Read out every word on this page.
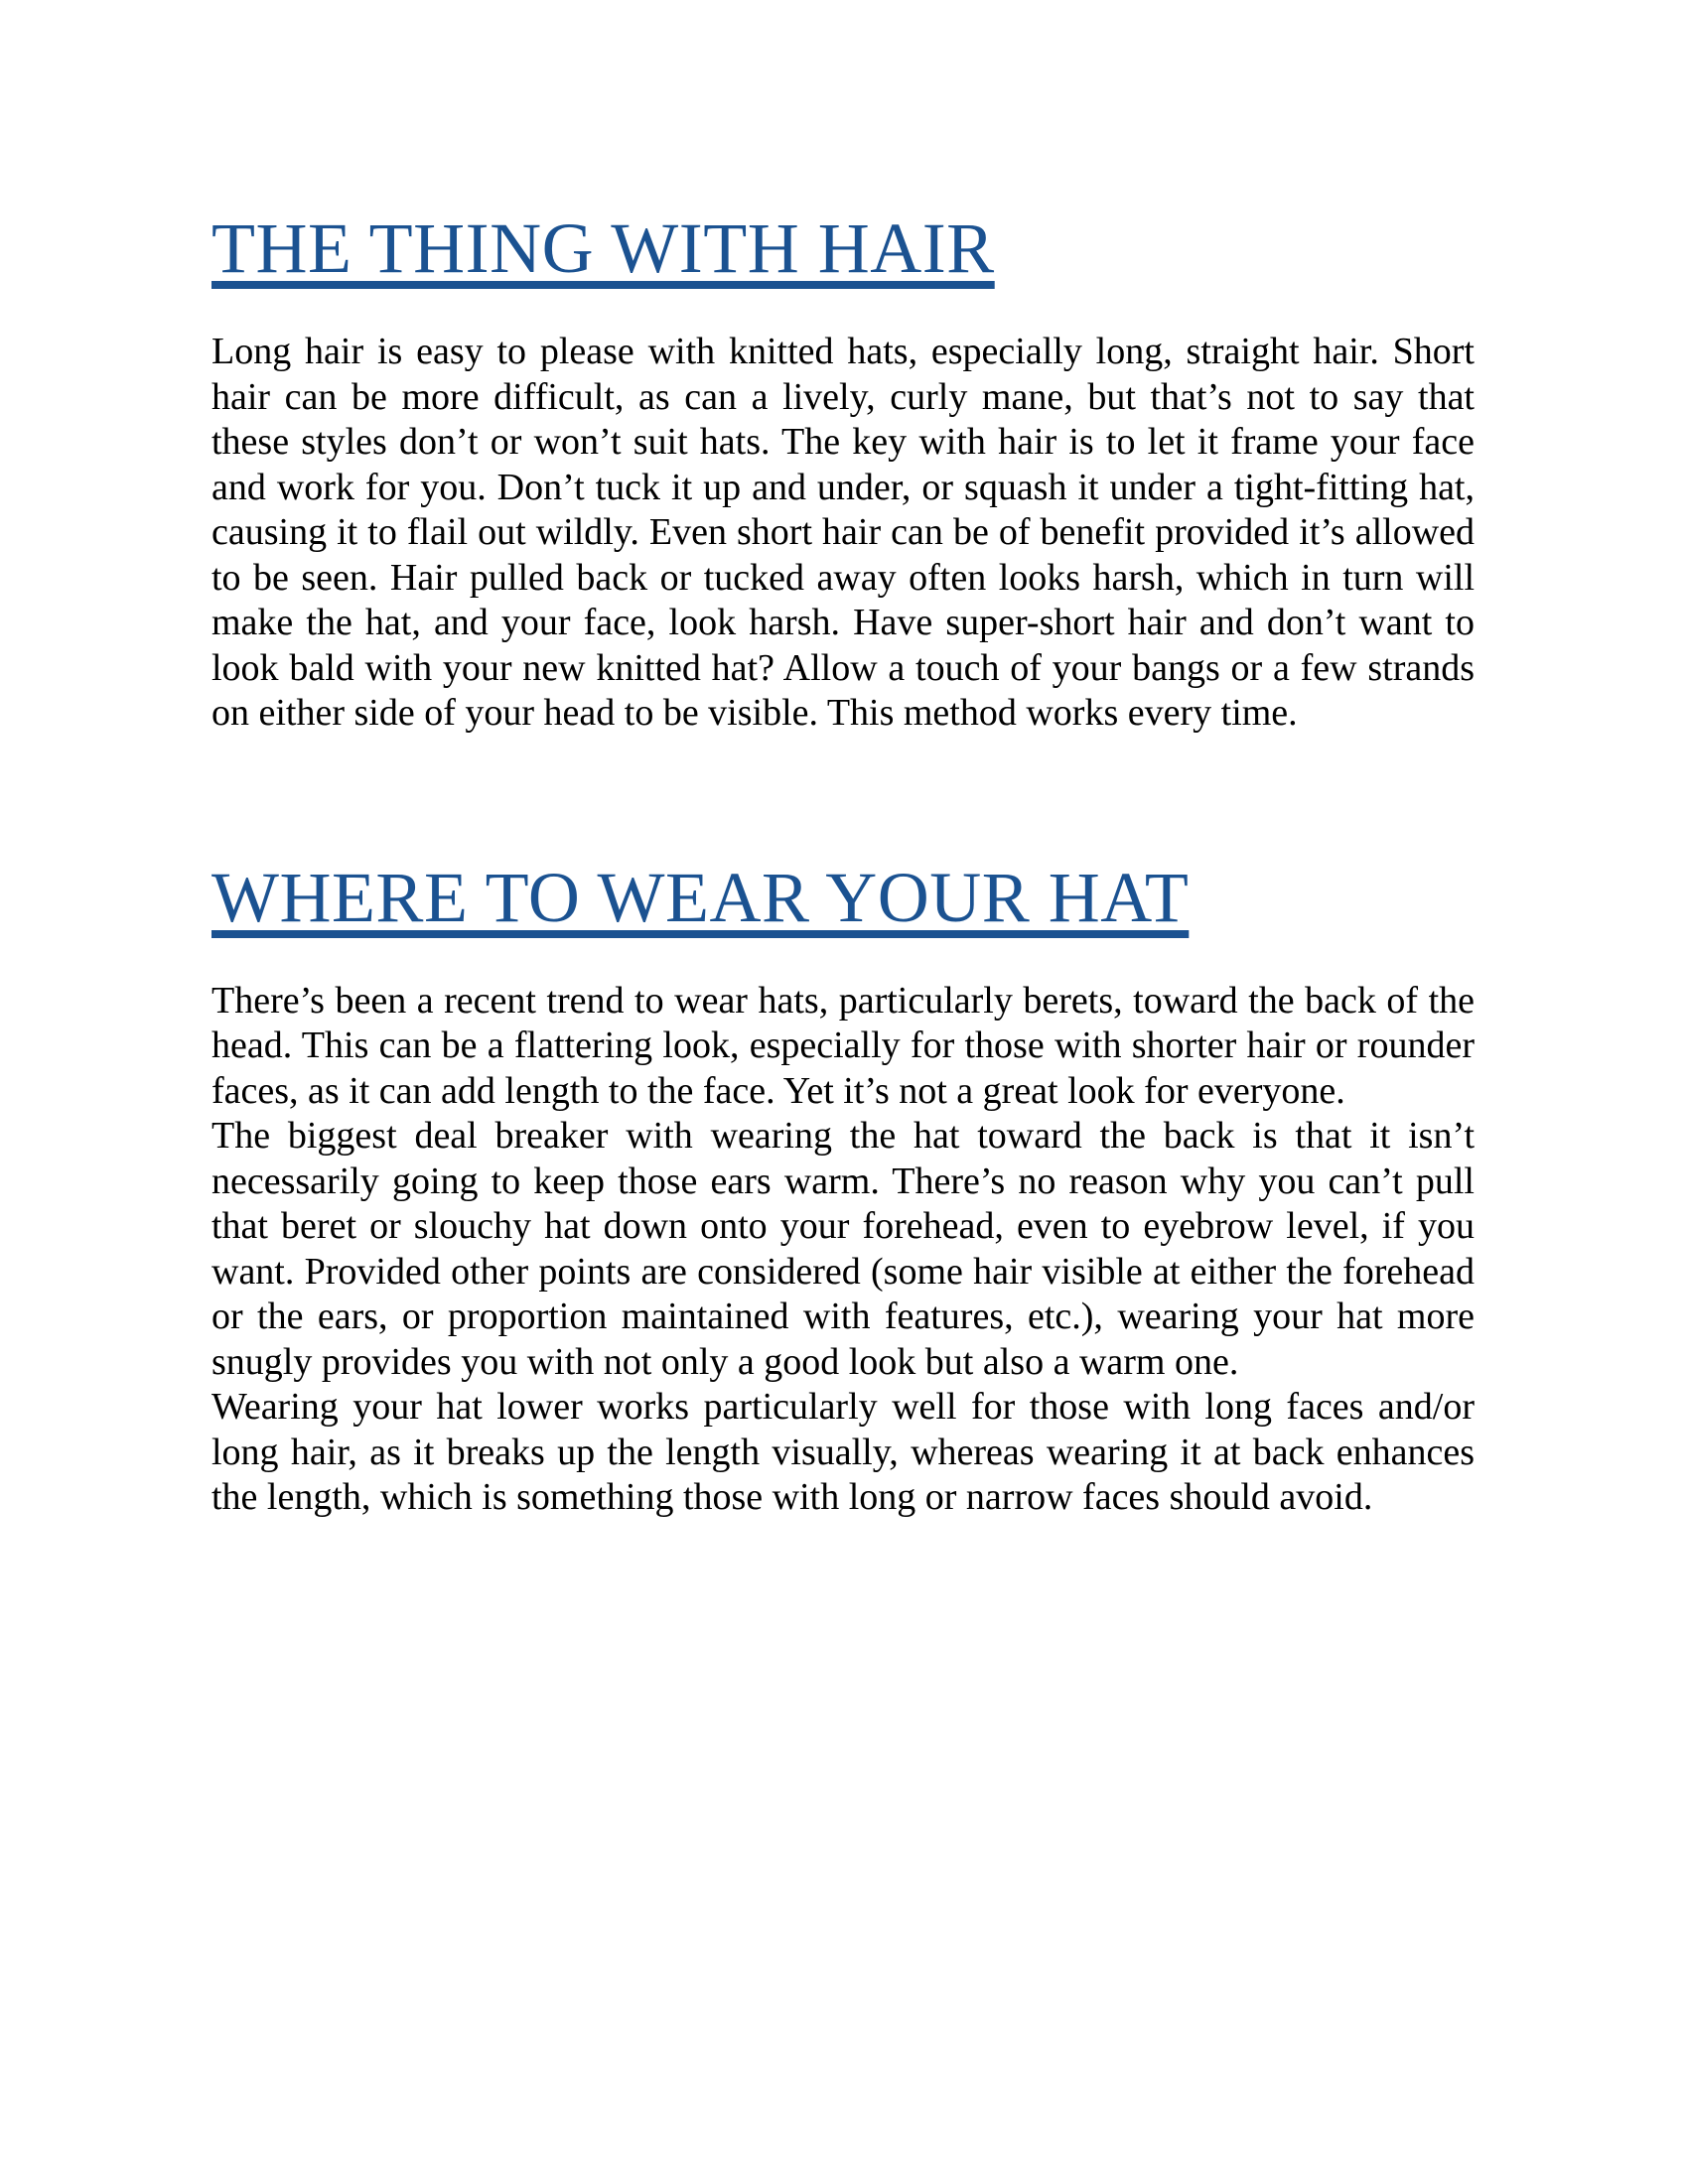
THE THING WITH HAIR

Long hair is easy to please with knitted hats, especially long, straight hair. Short hair can be more difficult, as can a lively, curly mane, but that’s not to say that these styles don’t or won’t suit hats. The key with hair is to let it frame your face and work for you. Don’t tuck it up and under, or squash it under a tight-fitting hat, causing it to flail out wildly. Even short hair can be of benefit provided it’s allowed to be seen. Hair pulled back or tucked away often looks harsh, which in turn will make the hat, and your face, look harsh. Have super-short hair and don’t want to look bald with your new knitted hat? Allow a touch of your bangs or a few strands on either side of your head to be visible. This method works every time.

WHERE TO WEAR YOUR HAT

There’s been a recent trend to wear hats, particularly berets, toward the back of the head. This can be a flattering look, especially for those with shorter hair or rounder faces, as it can add length to the face. Yet it’s not a great look for everyone.

The biggest deal breaker with wearing the hat toward the back is that it isn’t necessarily going to keep those ears warm. There’s no reason why you can’t pull that beret or slouchy hat down onto your forehead, even to eyebrow level, if you want. Provided other points are considered (some hair visible at either the forehead or the ears, or proportion maintained with features, etc.), wearing your hat more snugly provides you with not only a good look but also a warm one.

Wearing your hat lower works particularly well for those with long faces and/or long hair, as it breaks up the length visually, whereas wearing it at back enhances the length, which is something those with long or narrow faces should avoid.
